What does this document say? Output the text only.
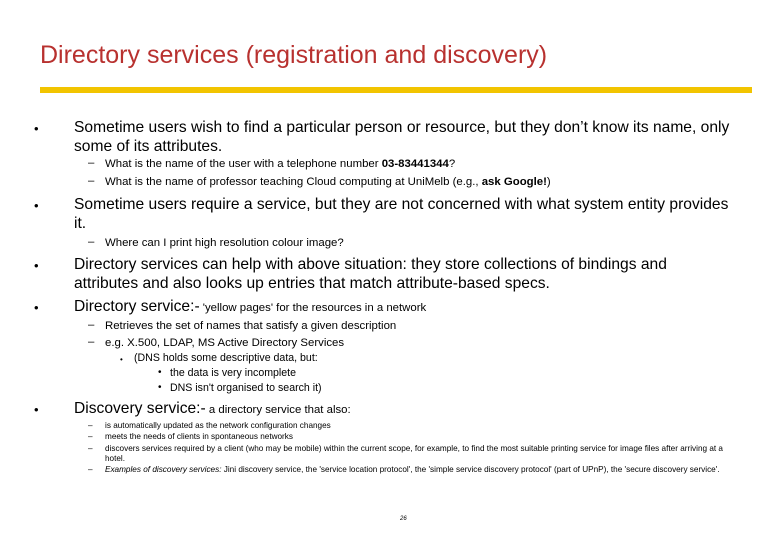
Directory services (registration and discovery)
• Sometime users wish to find a particular person or resource, but they don’t know its name, only some of its attributes.
– What is the name of the user with a telephone number 03-83441344?
– What is the name of professor teaching Cloud computing at UniMelb (e.g., ask Google!)
• Sometime users require a service, but they are not concerned with what system entity provides it.
– Where can I print high resolution colour image?
• Directory services can help with above situation: they store collections of bindings and attributes and also looks up entries that match attribute-based specs.
• Directory service:- 'yellow pages' for the resources in a network
– Retrieves the set of names that satisfy a given description
– e.g. X.500, LDAP, MS Active Directory Services
• (DNS holds some descriptive data, but:
• the data is very incomplete
• DNS isn't organised to search it)
• Discovery service:- a directory service that also:
– is automatically updated as the network configuration changes
– meets the needs of clients in spontaneous networks
– discovers services required by a client (who may be mobile) within the current scope, for example, to find the most suitable printing service for image files after arriving at a hotel.
– Examples of discovery services: Jini discovery service, the 'service location protocol', the 'simple service discovery protocol' (part of UPnP), the 'secure discovery service'.
26
